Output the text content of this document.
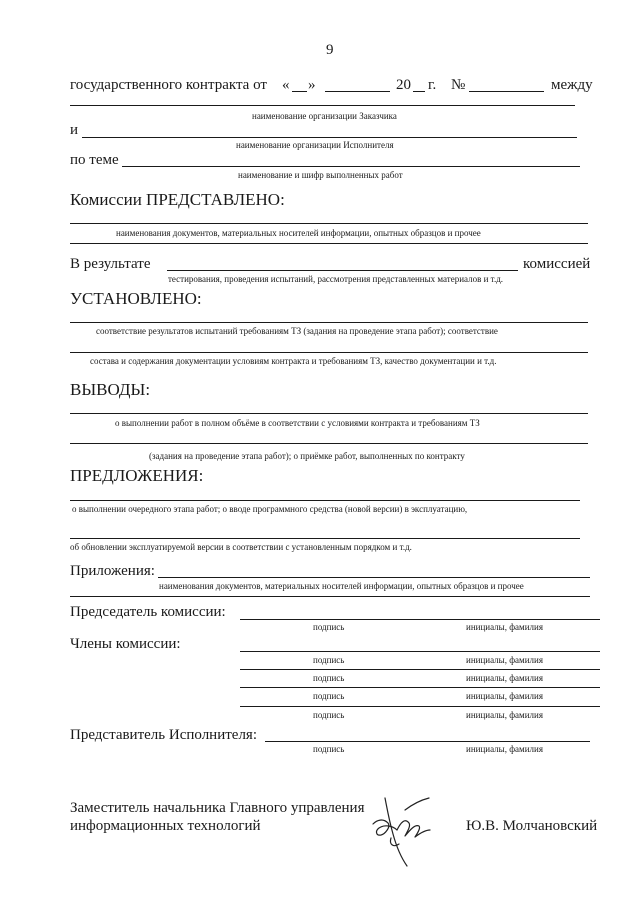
9
государственного контракта от « »	20 г. №	между
наименование организации Заказчика
и
наименование организации Исполнителя
по теме
наименование и шифр выполненных работ
Комиссии ПРЕДСТАВЛЕНО:
наименования документов, материальных носителей информации, опытных образцов и прочее
В результате	комиссией
тестирования, проведения испытаний, рассмотрения представленных материалов и т.д.
УСТАНОВЛЕНО:
соответствие результатов испытаний требованиям ТЗ (задания на проведение этапа работ); соответствие
состава и содержания документации условиям контракта и требованиям ТЗ, качество документации и т.д.
ВЫВОДЫ:
о выполнении работ в полном объёме в соответствии с условиями контракта и требованиям ТЗ
(задания на проведение этапа работ); о приёмке работ, выполненных по контракту
ПРЕДЛОЖЕНИЯ:
о выполнении очередного этапа работ; о вводе программного средства (новой версии) в эксплуатацию,
об обновлении эксплуатируемой версии в соответствии с установленным порядком и т.д.
Приложения:
наименования документов, материальных носителей информации, опытных образцов и прочее
Председатель комиссии:
подпись	инициалы, фамилия
Члены комиссии:
подпись	инициалы, фамилия
подпись	инициалы, фамилия
подпись	инициалы, фамилия
подпись	инициалы, фамилия
Представитель Исполнителя:
подпись	инициалы, фамилия
Заместитель начальника Главного управления
информационных технологий	Ю.В. Молчановский
